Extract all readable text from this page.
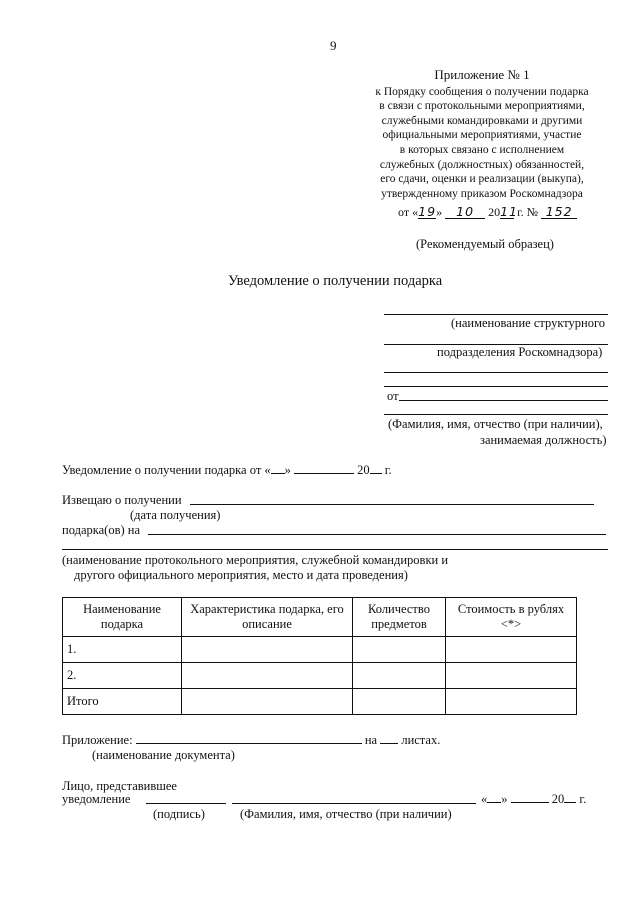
9
Приложение № 1
к Порядку сообщения о получении подарка
в связи с протокольными мероприятиями,
служебными командировками и другими
официальными мероприятиями, участие
в которых связано с исполнением
служебных (должностных) обязанностей,
его сдачи, оценки и реализации (выкупа),
утвержденному приказом Роскомнадзора
от «19» 10 2011 г. № 152
(Рекомендуемый образец)
Уведомление о получении подарка
(наименование структурного
подразделения Роскомнадзора)
от
(Фамилия, имя, отчество (при наличии),
занимаемая должность)
Уведомление о получении подарка от « »	20 г.
Извещаю о получении
(дата получения)
подарка(ов) на
(наименование протокольного мероприятия, служебной командировки и
другого официального мероприятия, место и дата проведения)
Наименование подарка	Характеристика подарка, его описание	Количество предметов	Стоимость в рублях <*>
1.			
2.			
Итого			
Приложение:	на листах.
(наименование документа)
Лицо, представившее
уведомление	« »	20 г.
(подпись)	(Фамилия, имя, отчество (при наличии)
